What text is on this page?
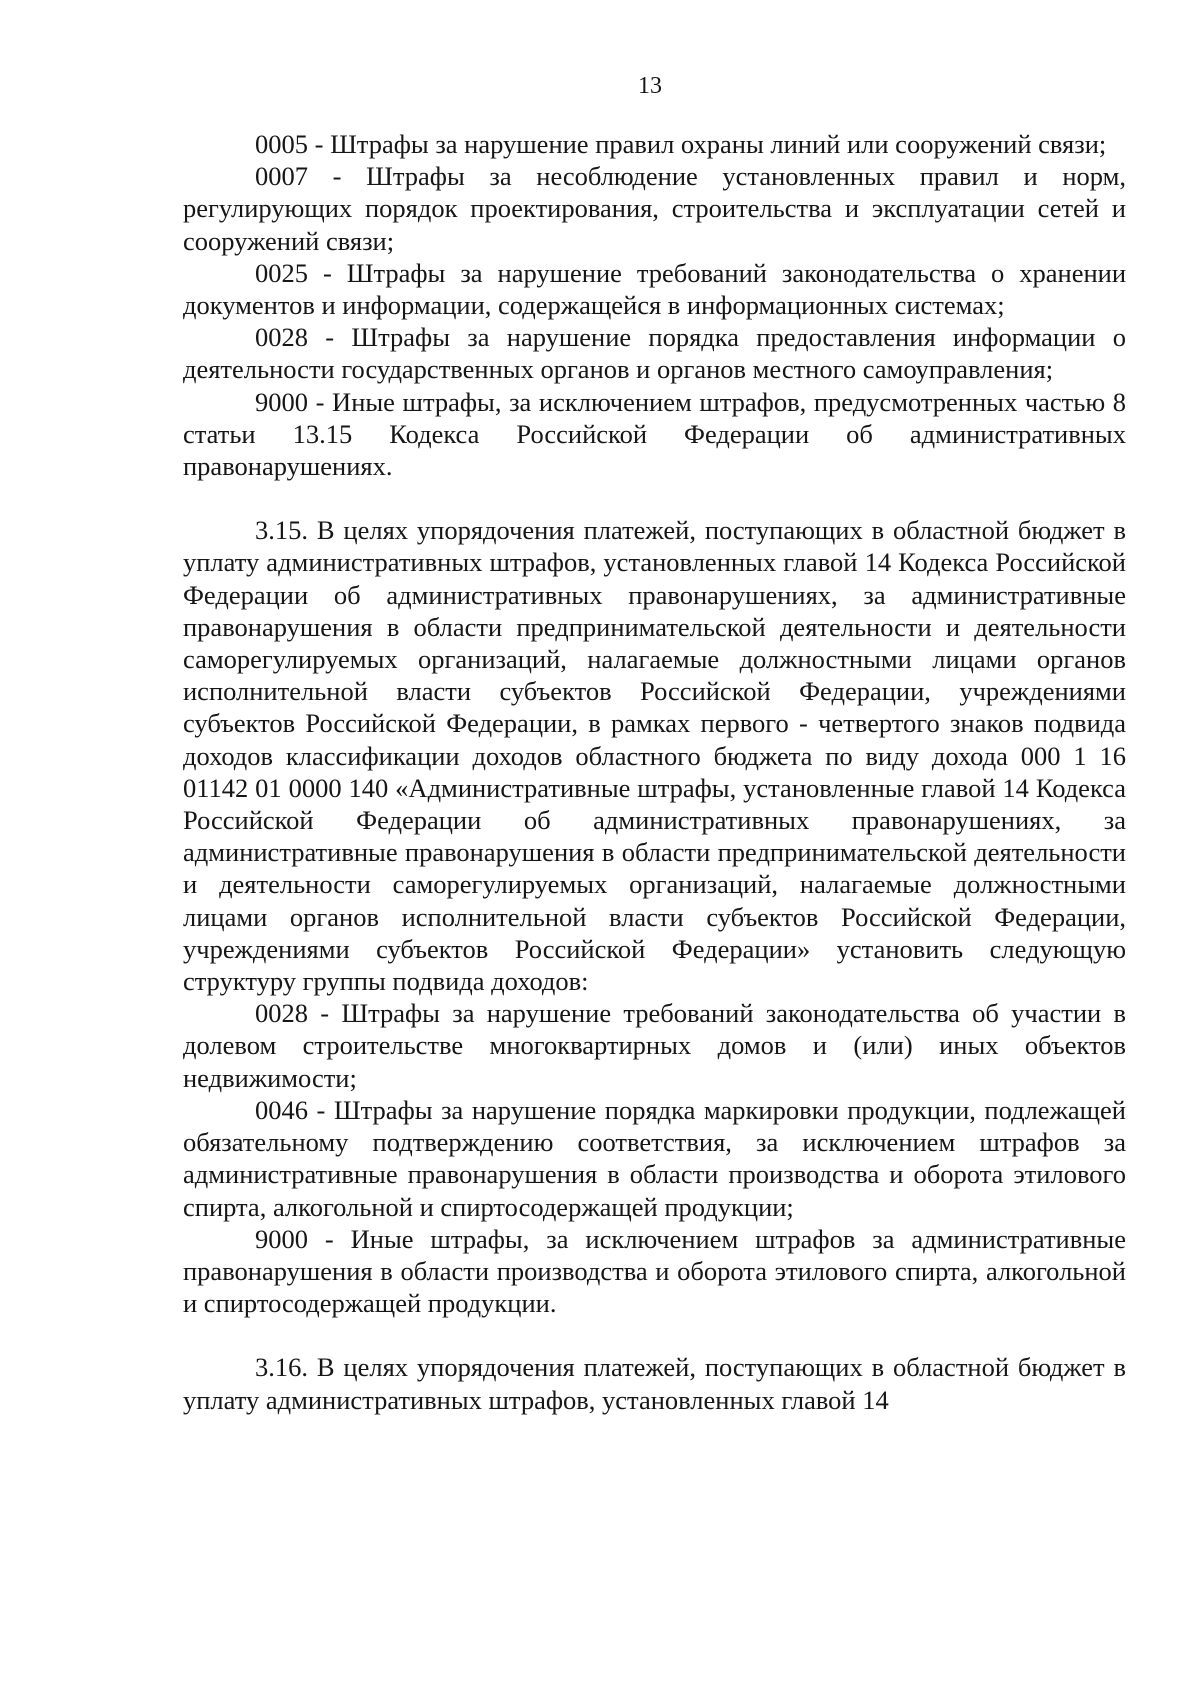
13

0005 - Штрафы за нарушение правил охраны линий или сооружений связи;

0007 - Штрафы за несоблюдение установленных правил и норм, регулирующих порядок проектирования, строительства и эксплуатации сетей и сооружений связи;

0025 - Штрафы за нарушение требований законодательства о хранении документов и информации, содержащейся в информационных системах;

0028 - Штрафы за нарушение порядка предоставления информации о деятельности государственных органов и органов местного самоуправления;

9000 - Иные штрафы, за исключением штрафов, предусмотренных частью 8 статьи 13.15 Кодекса Российской Федерации об административных правонарушениях.

3.15. В целях упорядочения платежей, поступающих в областной бюджет в уплату административных штрафов, установленных главой 14 Кодекса Российской Федерации об административных правонарушениях, за административные правонарушения в области предпринимательской деятельности и деятельности саморегулируемых организаций, налагаемые должностными лицами органов исполнительной власти субъектов Российской Федерации, учреждениями субъектов Российской Федерации, в рамках первого - четвертого знаков подвида доходов классификации доходов областного бюджета по виду дохода 000 1 16 01142 01 0000 140 «Административные штрафы, установленные главой 14 Кодекса Российской Федерации об административных правонарушениях, за административные правонарушения в области предпринимательской деятельности и деятельности саморегулируемых организаций, налагаемые должностными лицами органов исполнительной власти субъектов Российской Федерации, учреждениями субъектов Российской Федерации» установить следующую структуру группы подвида доходов:

0028 - Штрафы за нарушение требований законодательства об участии в долевом строительстве многоквартирных домов и (или) иных объектов недвижимости;

0046 - Штрафы за нарушение порядка маркировки продукции, подлежащей обязательному подтверждению соответствия, за исключением штрафов за административные правонарушения в области производства и оборота этилового спирта, алкогольной и спиртосодержащей продукции;

9000 - Иные штрафы, за исключением штрафов за административные правонарушения в области производства и оборота этилового спирта, алкогольной и спиртосодержащей продукции.

3.16. В целях упорядочения платежей, поступающих в областной бюджет в уплату административных штрафов, установленных главой 14
